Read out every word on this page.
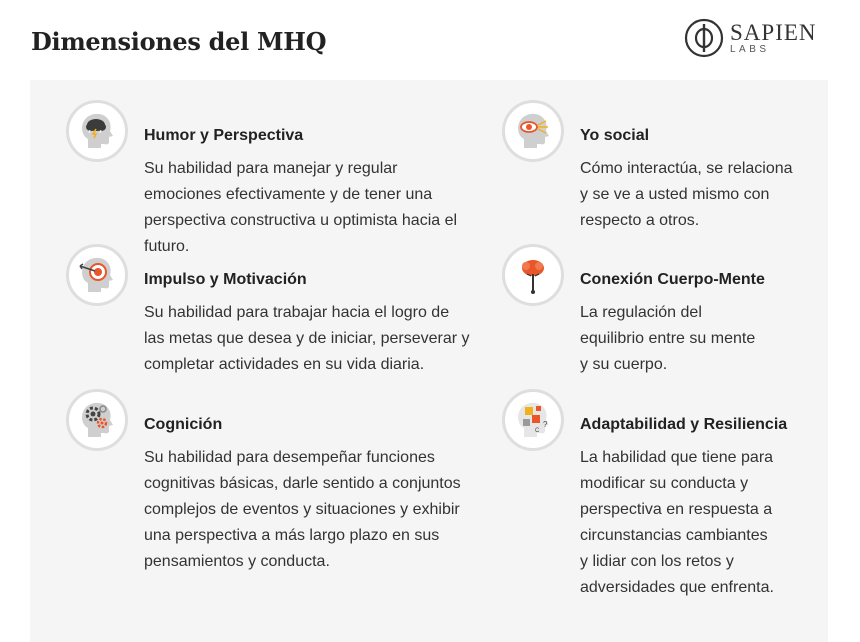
Dimensiones del MHQ	SAPIEN
LABS
Humor y Perspectiva
Su habilidad para manejar y regular
emociones efectivamente y de tener una
perspectiva constructiva u optimista hacia el
futuro.
Yo social
Cómo interactúa, se relaciona
y se ve a usted mismo con
respecto a otros.
Impulso y Motivación
Su habilidad para trabajar hacia el logro de
las metas que desea y de iniciar, perseverar y
completar actividades en su vida diaria.
Conexión Cuerpo-Mente
La regulación del
equilibrio entre su mente
y su cuerpo.
Cognición
Su habilidad para desempeñar funciones
cognitivas básicas, darle sentido a conjuntos
complejos de eventos y situaciones y exhibir
una perspectiva a más largo plazo en sus
pensamientos y conducta.
?
C	Adaptabilidad y Resiliencia
La habilidad que tiene para
modificar su conducta y
perspectiva en respuesta a
circunstancias cambiantes
y lidiar con los retos y
adversidades que enfrenta.
